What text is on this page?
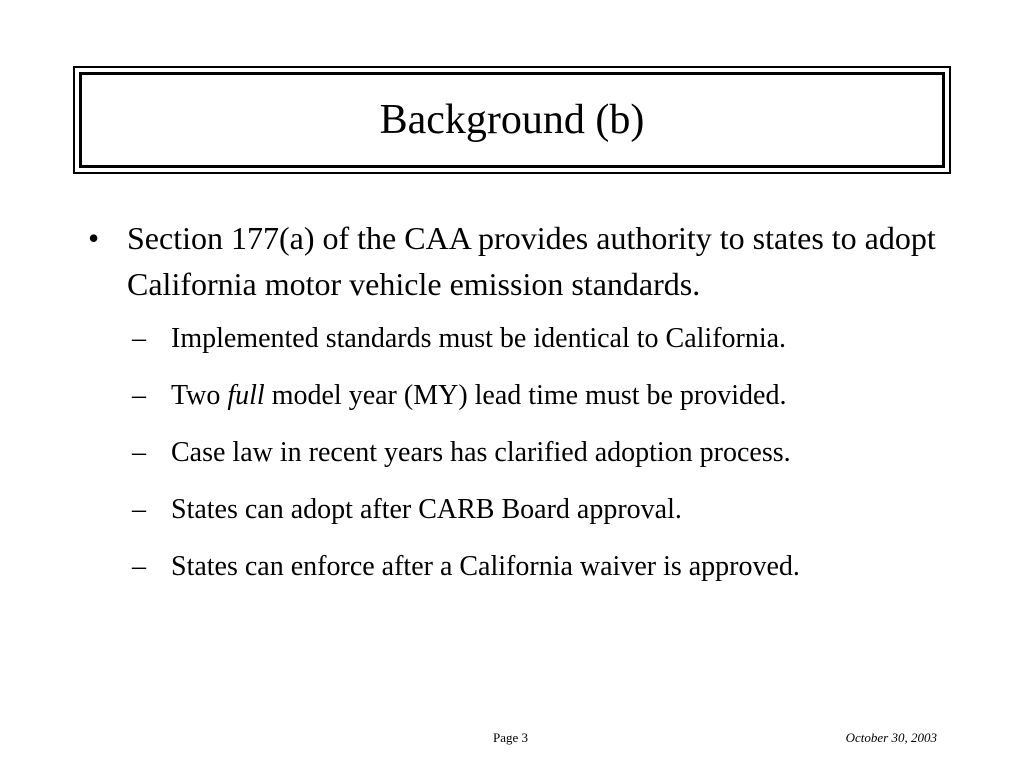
Background (b)
• Section 177(a) of the CAA provides authority to states to adopt California motor vehicle emission standards.
– Implemented standards must be identical to California.
– Two full model year (MY) lead time must be provided.
– Case law in recent years has clarified adoption process.
– States can adopt after CARB Board approval.
– States can enforce after a California waiver is approved.
Page 3	October 30, 2003
